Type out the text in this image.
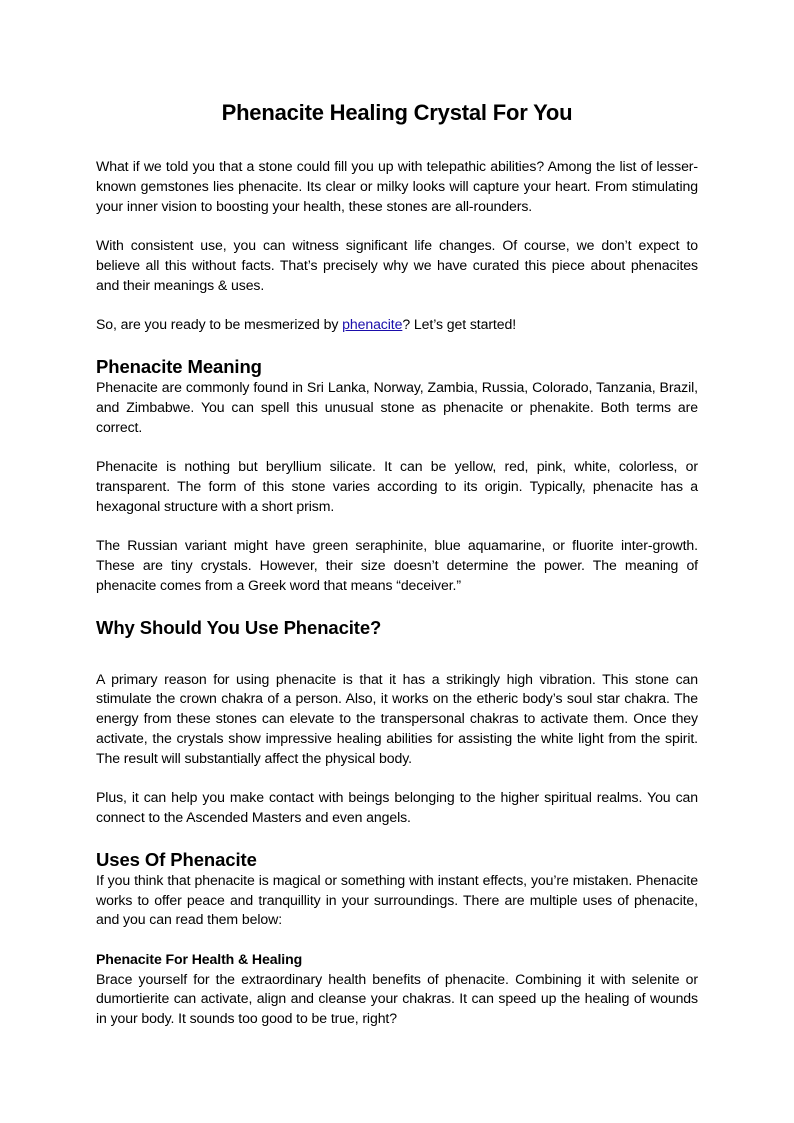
Phenacite Healing Crystal For You

What if we told you that a stone could fill you up with telepathic abilities? Among the list of lesser-known gemstones lies phenacite. Its clear or milky looks will capture your heart. From stimulating your inner vision to boosting your health, these stones are all-rounders.

With consistent use, you can witness significant life changes. Of course, we don’t expect to believe all this without facts. That’s precisely why we have curated this piece about phenacites and their meanings & uses.

So, are you ready to be mesmerized by phenacite? Let’s get started!

Phenacite Meaning

Phenacite are commonly found in Sri Lanka, Norway, Zambia, Russia, Colorado, Tanzania, Brazil, and Zimbabwe. You can spell this unusual stone as phenacite or phenakite. Both terms are correct.

Phenacite is nothing but beryllium silicate. It can be yellow, red, pink, white, colorless, or transparent. The form of this stone varies according to its origin. Typically, phenacite has a hexagonal structure with a short prism.

The Russian variant might have green seraphinite, blue aquamarine, or fluorite inter-growth. These are tiny crystals. However, their size doesn’t determine the power. The meaning of phenacite comes from a Greek word that means “deceiver.”

Why Should You Use Phenacite?

A primary reason for using phenacite is that it has a strikingly high vibration. This stone can stimulate the crown chakra of a person. Also, it works on the etheric body’s soul star chakra. The energy from these stones can elevate to the transpersonal chakras to activate them. Once they activate, the crystals show impressive healing abilities for assisting the white light from the spirit. The result will substantially affect the physical body.

Plus, it can help you make contact with beings belonging to the higher spiritual realms. You can connect to the Ascended Masters and even angels.

Uses Of Phenacite

If you think that phenacite is magical or something with instant effects, you’re mistaken. Phenacite works to offer peace and tranquillity in your surroundings. There are multiple uses of phenacite, and you can read them below:

Phenacite For Health & Healing

Brace yourself for the extraordinary health benefits of phenacite. Combining it with selenite or dumortierite can activate, align and cleanse your chakras. It can speed up the healing of wounds in your body. It sounds too good to be true, right?
